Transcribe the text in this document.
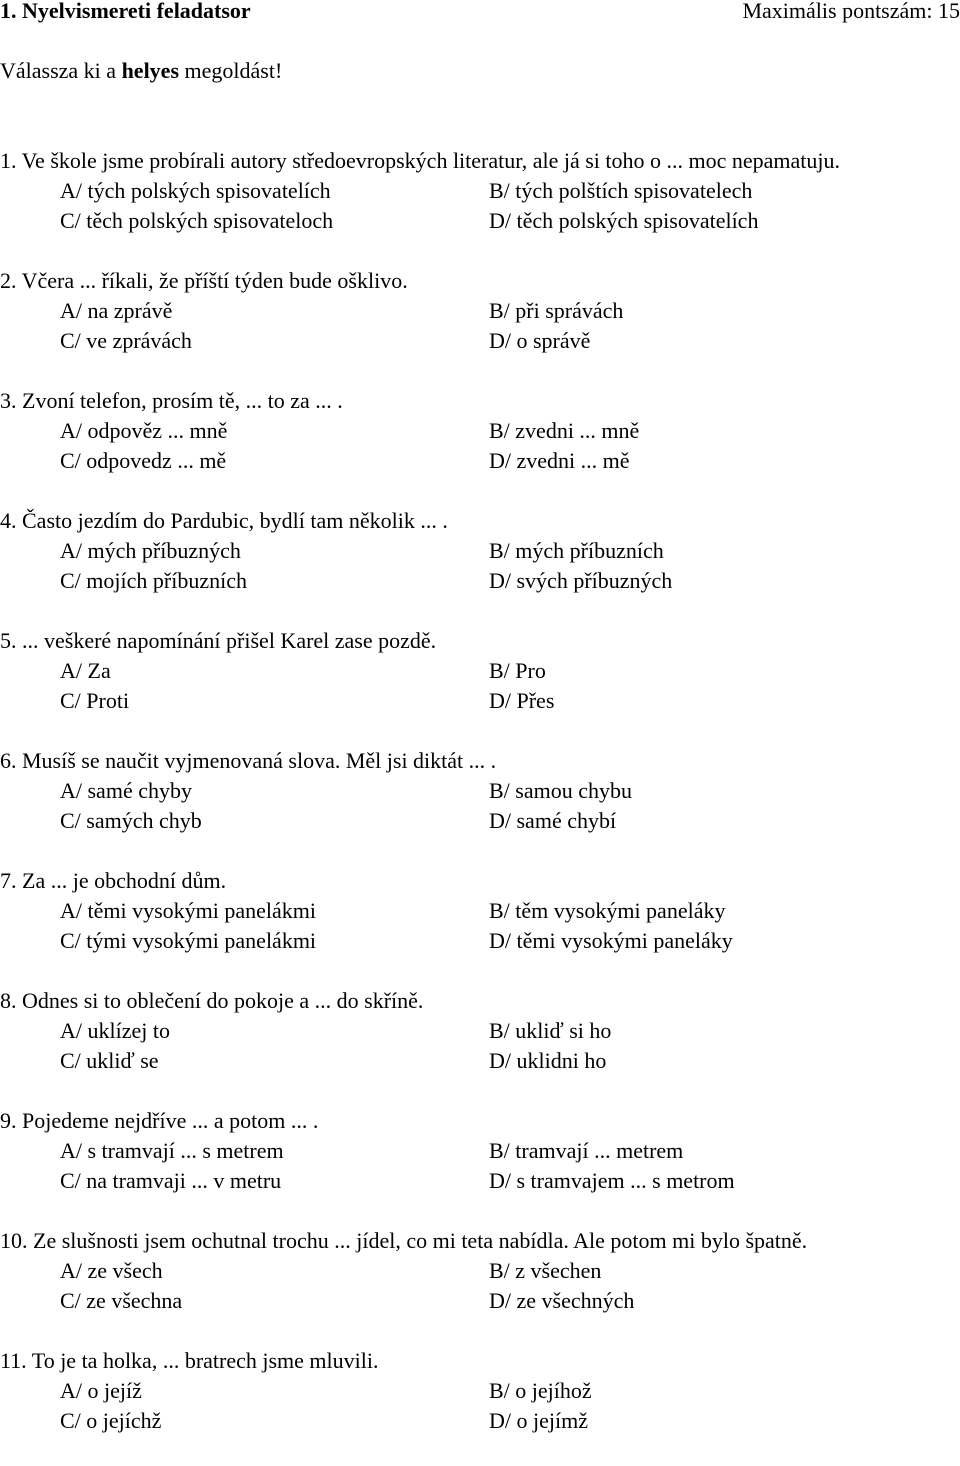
1. Nyelvismereti feladatsor	Maximális pontszám: 15
Válassza ki a helyes megoldást!
1. Ve škole jsme probírali autory středoevropských literatur, ale já si toho o ... moc nepamatuju.
A/ tých polských spisovatelích	B/ tých polštích spisovatelech
C/ těch polských spisovateloch	D/ těch polských spisovatelích
2. Včera ... říkali, že příští týden bude ošklivo.
A/ na zprávě	B/ při správách
C/ ve zprávách	D/ o správě
3. Zvoní telefon, prosím tě, ... to za ... .
A/ odpověz ... mně	B/ zvedni ... mně
C/ odpovedz ... mě	D/ zvedni ... mě
4. Často jezdím do Pardubic, bydlí tam několik ... .
A/ mých příbuzných	B/ mých příbuzních
C/ mojích příbuzních	D/ svých příbuzných
5. ... veškeré napomínání přišel Karel zase pozdě.
A/ Za	B/ Pro
C/ Proti	D/ Přes
6. Musíš se naučit vyjmenovaná slova. Měl jsi diktát ... .
A/ samé chyby	B/ samou chybu
C/ samých chyb	D/ samé chybí
7. Za ... je obchodní dům.
A/ těmi vysokými panelákmi	B/ těm vysokými paneláky
C/ tými vysokými panelákmi	D/ těmi vysokými paneláky
8. Odnes si to oblečení do pokoje a ... do skříně.
A/ uklízej to	B/ ukliď si ho
C/ ukliď se	D/ uklidni ho
9. Pojedeme nejdříve ... a potom ... .
A/ s tramvají ... s metrem	B/ tramvají ... metrem
C/ na tramvaji ... v metru	D/ s tramvajem ... s metrom
10. Ze slušnosti jsem ochutnal trochu ... jídel, co mi teta nabídla. Ale potom mi bylo špatně.
A/ ze všech	B/ z všechen
C/ ze všechna	D/ ze všechných
11. To je ta holka, ... bratrech jsme mluvili.
A/ o jejíž	B/ o jejíhož
C/ o jejíchž	D/ o jejímž
